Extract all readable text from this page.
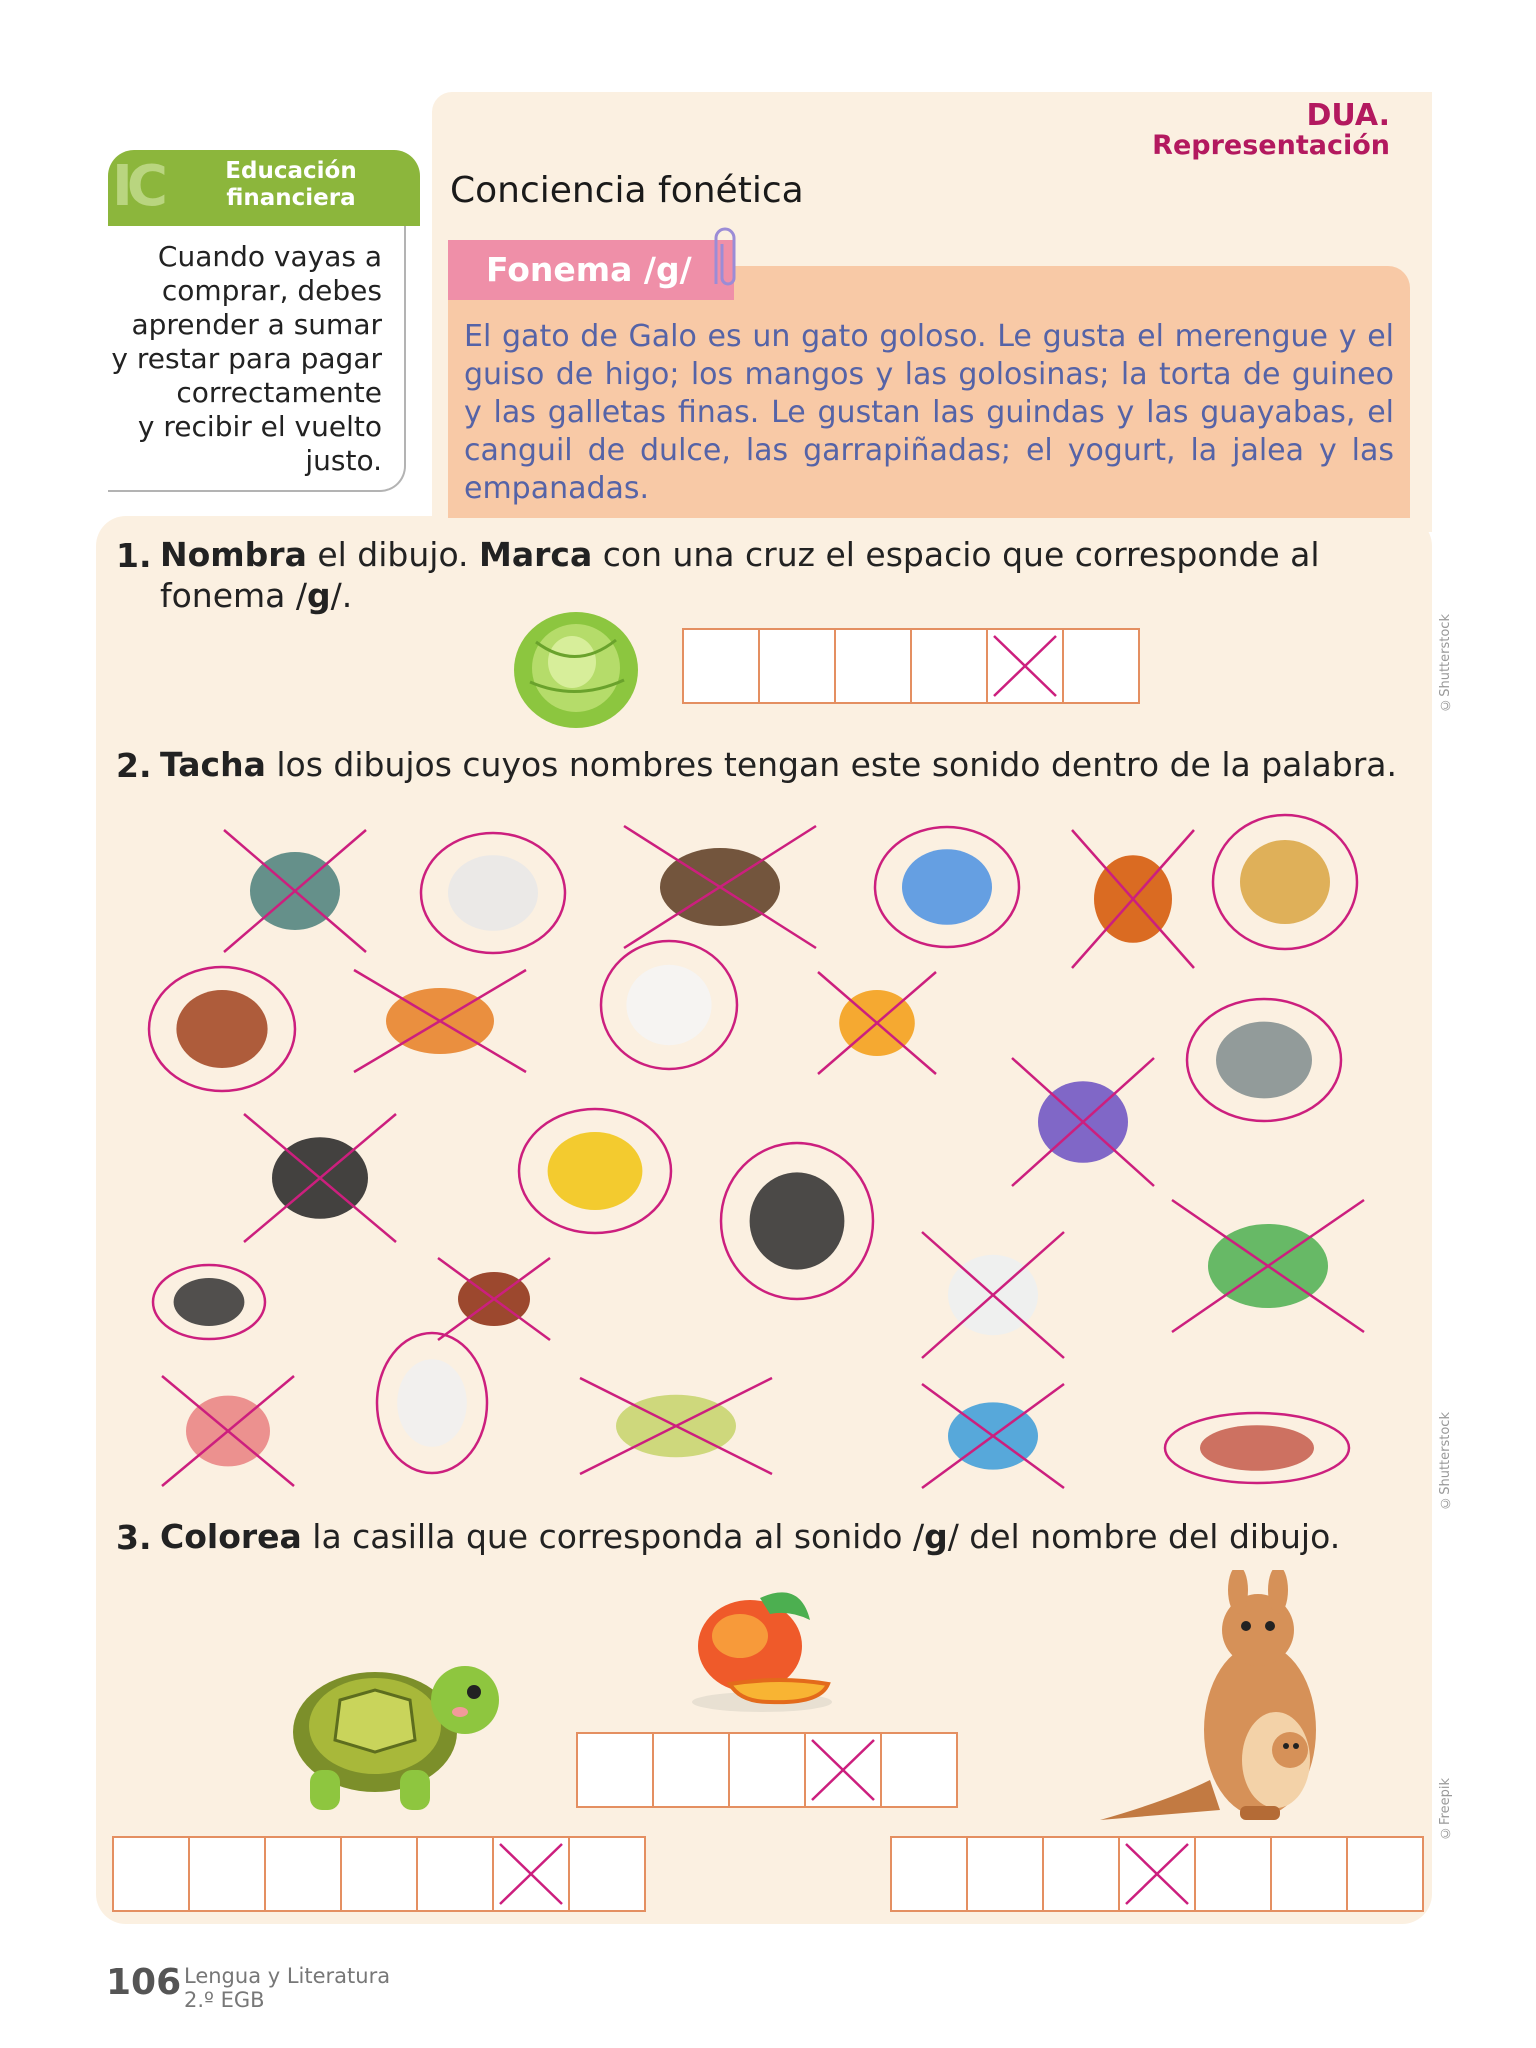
DUA.
Representación
IC	Educación
financiera
Cuando vayas a
comprar, debes
aprender a sumar
y restar para pagar
correctamente
y recibir el vuelto
justo.
Conciencia fonética
Fonema /g/
El gato de Galo es un gato goloso. Le gusta el merengue y el guiso de higo; los mangos y las golosinas; la torta de guineo y las galletas finas. Le gustan las guindas y las guayabas, el canguil de dulce, las garrapiñadas; el yogurt, la jalea y las empanadas.
1. Nombra el dibujo. Marca con una cruz el espacio que corresponde al
fonema /g/.
2. Tacha los dibujos cuyos nombres tengan este sonido dentro de la palabra.
3. Colorea la casilla que corresponda al sonido /g/ del nombre del dibujo.
©Shutterstock
©Shutterstock
©Freepik
106 Lengua y Literatura
2.º EGB
